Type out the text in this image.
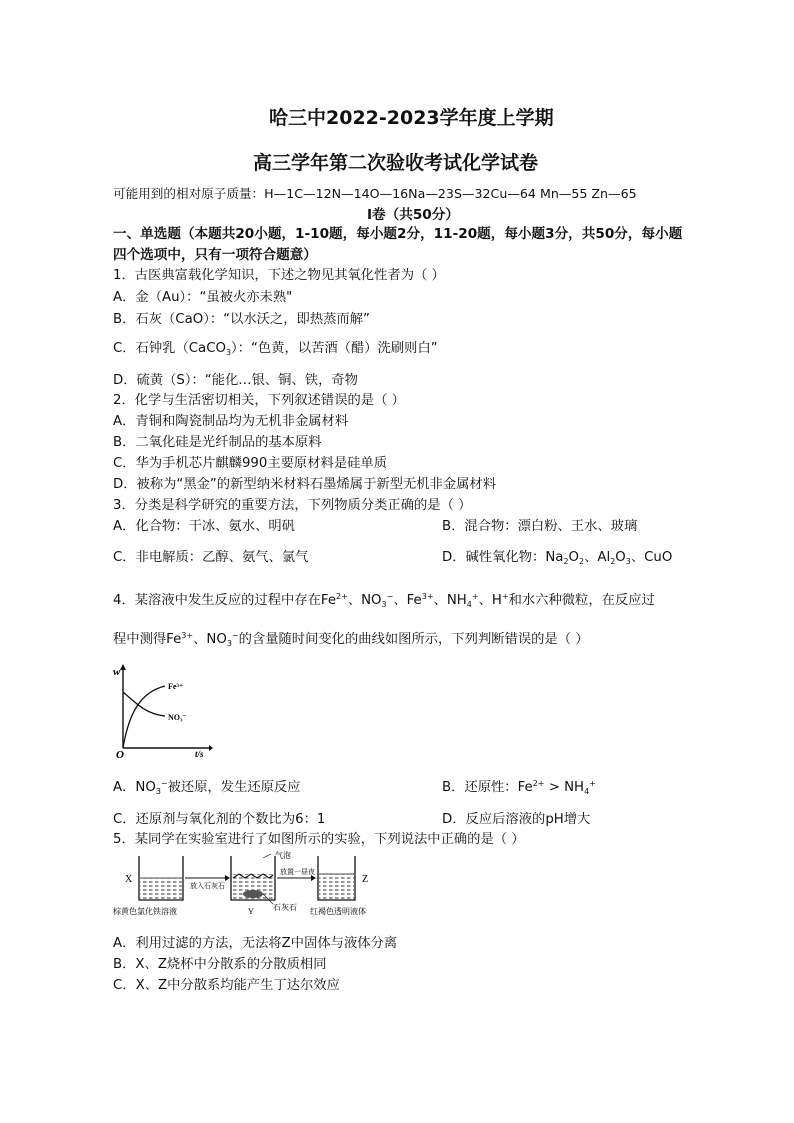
哈三中2022-2023学年度上学期
高三学年第二次验收考试化学试卷
可能用到的相对原子质量：H—1C—12N—14O—16Na—23S—32Cu—64 Mn—55 Zn—65
Ⅰ卷（共50分）
一、单选题（本题共20小题，1-10题，每小题2分，11-20题，每小题3分，共50分，每小题
四个选项中，只有一项符合题意）
1．古医典富载化学知识，下述之物见其氧化性者为（ ）
A．金（Au）：“虽被火亦未熟"
B．石灰（CaO）：“以水沃之，即热蒸而解”
C．石钟乳（CaCO$_3$）：“色黄，以苦酒（醋）洗刷则白”
D．硫黄（S）：“能化…银、铜、铁，奇物
2．化学与生活密切相关，下列叙述错误的是（ ）
A．青铜和陶瓷制品均为无机非金属材料
B．二氧化硅是光纤制品的基本原料
C．华为手机芯片麒麟990主要原材料是硅单质
D．被称为“黑金”的新型纳米材料石墨烯属于新型无机非金属材料
3．分类是科学研究的重要方法，下列物质分类正确的是（ ）
A．化合物：干冰、氨水、明矾	B．混合物：漂白粉、王水、玻璃
C．非电解质：乙醇、氨气、氯气	D．碱性氧化物：$Na_2O_2$、$Al_2O_3$、CuO
4．某溶液中发生反应的过程中存在$Fe^{2+}$、$NO_3^-$、$Fe^{3+}$、$NH_4^+$、H+和水六种微粒，在反应过
程中测得$Fe^{3+}$、$NO_3^-$的含量随时间变化的曲线如图所示，下列判断错误的是（ ）
w
O	t/s
Fe³⁺
NO₃⁻
A．$NO_3^-$被还原，发生还原反应	B．还原性：$Fe^{2+} > NH_4^+$
C．还原剂与氧化剂的个数比为6：1	D．反应后溶液的pH增大
5．某同学在实验室进行了如图所示的实验，下列说法中正确的是（ ）
X
放入石灰石
Y
气泡
石灰石
放置一昼夜
Z
棕黄色氯化铁溶液	红褐色透明液体
A．利用过滤的方法，无法将Z中固体与液体分离
B．X、Z烧杯中分散系的分散质相同
C．X、Z中分散系均能产生丁达尔效应
